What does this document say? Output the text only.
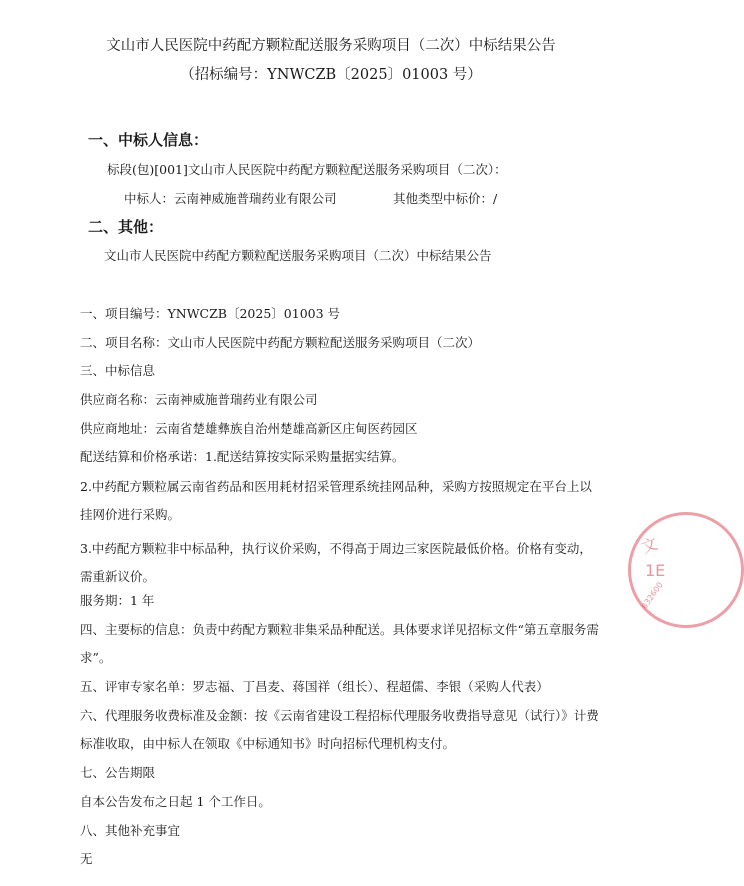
文山市人民医院中药配方颗粒配送服务采购项目（二次）中标结果公告
（招标编号：YNWCZB〔2025〕01003 号）
一、中标人信息：
标段(包)[001]文山市人民医院中药配方颗粒配送服务采购项目（二次）：
中标人：云南神威施普瑞药业有限公司	其他类型中标价：/
二、其他：
文山市人民医院中药配方颗粒配送服务采购项目（二次）中标结果公告
一、项目编号：YNWCZB〔2025〕01003 号
二、项目名称：文山市人民医院中药配方颗粒配送服务采购项目（二次）
三、中标信息
供应商名称：云南神威施普瑞药业有限公司
供应商地址：云南省楚雄彝族自治州楚雄高新区庄甸医药园区
配送结算和价格承诺：1.配送结算按实际采购量据实结算。
2.中药配方颗粒属云南省药品和医用耗材招采管理系统挂网品种，采购方按照规定在平台上以挂网价进行采购。
3.中药配方颗粒非中标品种，执行议价采购，不得高于周边三家医院最低价格。价格有变动，需重新议价。
服务期：1 年
四、主要标的信息：负责中药配方颗粒非集采品种配送。具体要求详见招标文件“第五章服务需求”。
五、评审专家名单：罗志福、丁昌麦、蒋国祥（组长）、程超儒、李银（采购人代表）
六、代理服务收费标准及金额：按《云南省建设工程招标代理服务收费指导意见（试行）》计费标准收取，由中标人在领取《中标通知书》时向招标代理机构支付。
七、公告期限
自本公告发布之日起 1 个工作日。
八、其他补充事宜
无
文
1E
832600
